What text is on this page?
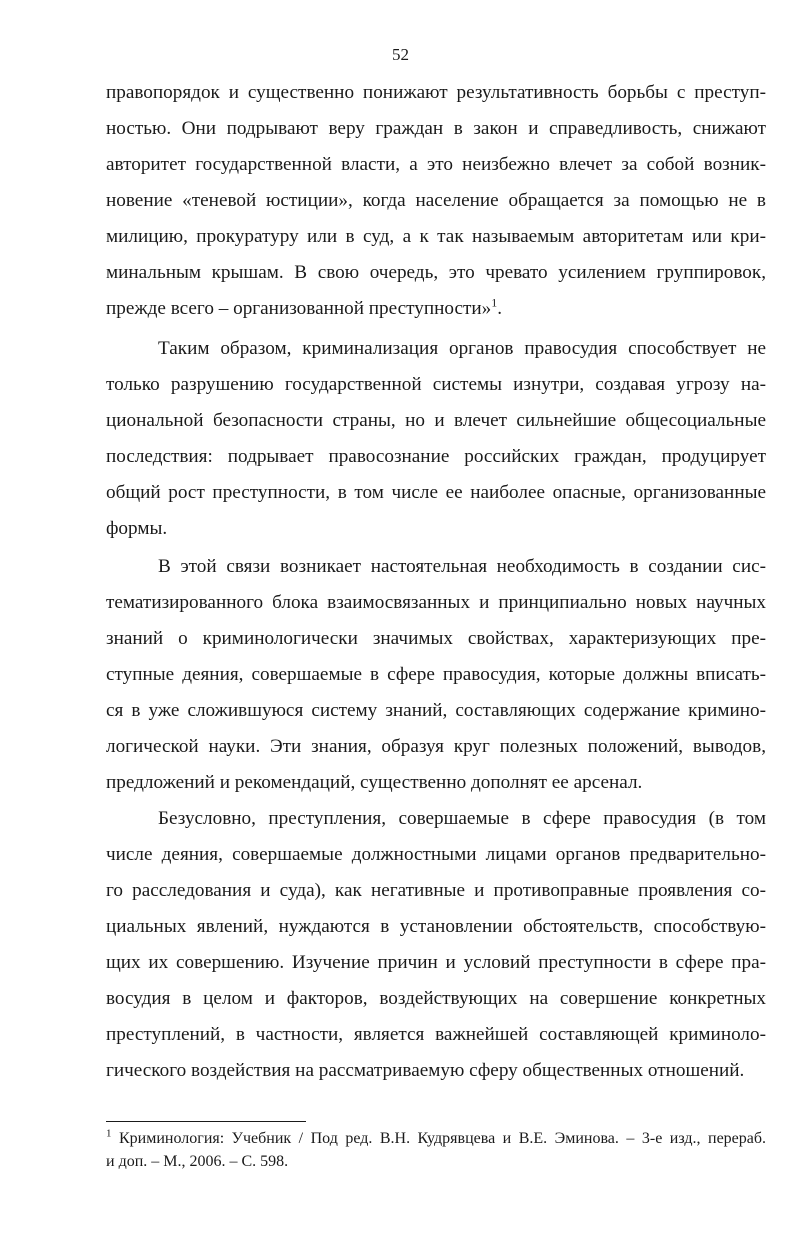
52
правопорядок и существенно понижают результативность борьбы с преступ-
ностью. Они подрывают веру граждан в закон и справедливость, снижают
авторитет государственной власти, а это неизбежно влечет за собой возник-
новение «теневой юстиции», когда население обращается за помощью не в
милицию, прокуратуру или в суд, а к так называемым авторитетам или кри-
минальным крышам. В свою очередь, это чревато усилением группировок,
прежде всего – организованной преступности»$^1$.
Таким образом, криминализация органов правосудия способствует не
только разрушению государственной системы изнутри, создавая угрозу на-
циональной безопасности страны, но и влечет сильнейшие общесоциальные
последствия: подрывает правосознание российских граждан, продуцирует
общий рост преступности, в том числе ее наиболее опасные, организованные
формы.
В этой связи возникает настоятельная необходимость в создании сис-
тематизированного блока взаимосвязанных и принципиально новых научных
знаний о криминологически значимых свойствах, характеризующих пре-
ступные деяния, совершаемые в сфере правосудия, которые должны вписать-
ся в уже сложившуюся систему знаний, составляющих содержание кримино-
логической науки. Эти знания, образуя круг полезных положений, выводов,
предложений и рекомендаций, существенно дополнят ее арсенал.
Безусловно, преступления, совершаемые в сфере правосудия (в том
числе деяния, совершаемые должностными лицами органов предварительно-
го расследования и суда), как негативные и противоправные проявления со-
циальных явлений, нуждаются в установлении обстоятельств, способствую-
щих их совершению. Изучение причин и условий преступности в сфере пра-
восудия в целом и факторов, воздействующих на совершение конкретных
преступлений, в частности, является важнейшей составляющей криминоло-
гического воздействия на рассматриваемую сферу общественных отношений.
$^1$ Криминология: Учебник / Под ред. В.Н. Кудрявцева и В.Е. Эминова. – 3-е изд., перераб.
и доп. – М., 2006. – С. 598.
